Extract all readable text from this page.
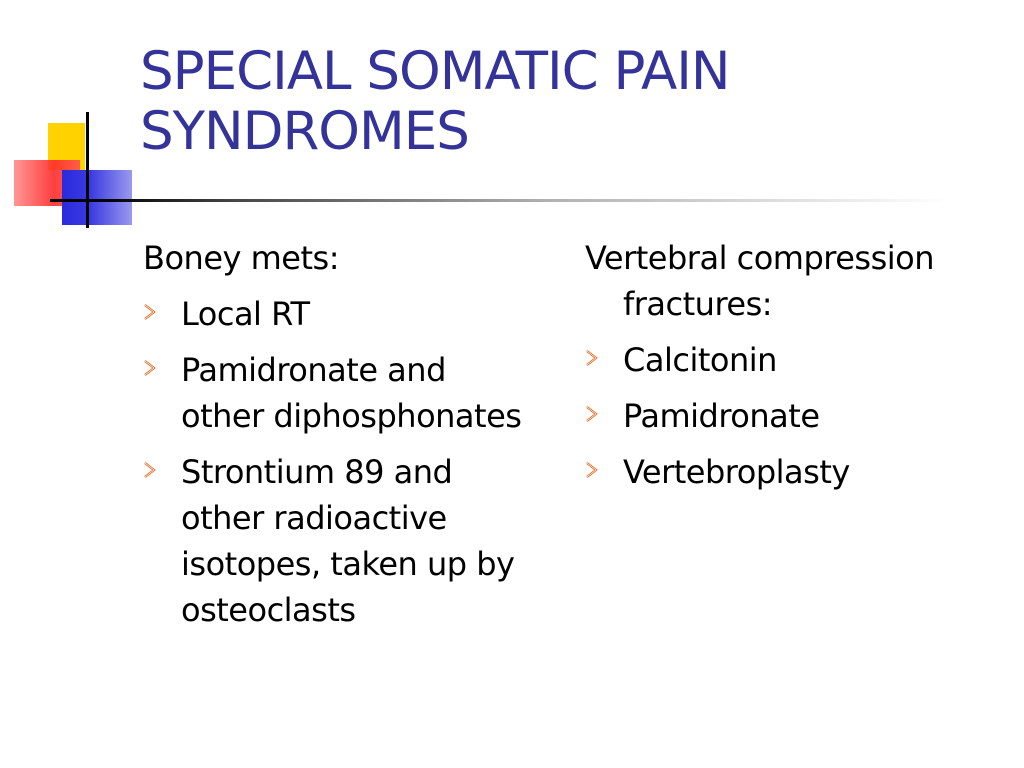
SPECIAL SOMATIC PAIN SYNDROMES
Boney mets:
Local RT
Pamidronate and other diphosphonates
Strontium 89 and other radioactive isotopes, taken up by osteoclasts
Vertebral compression fractures:
Calcitonin
Pamidronate
Vertebroplasty
